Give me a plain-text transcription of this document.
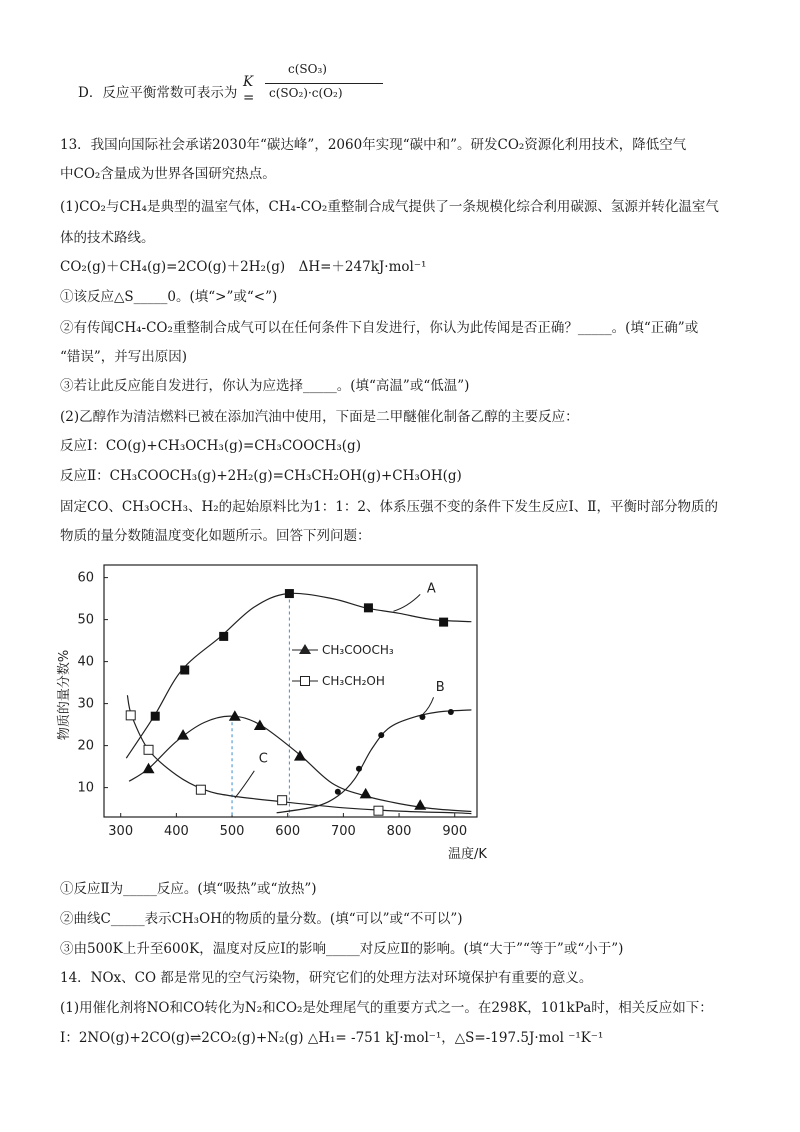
D．反应平衡常数可表示为
K =
c(SO₃)
c(SO₂)·c(O₂)
13．我国向国际社会承诺2030年“碳达峰”，2060年实现“碳中和”。研发CO₂资源化利用技术，降低空气
中CO₂含量成为世界各国研究热点。
(1)CO₂与CH₄是典型的温室气体，CH₄-CO₂重整制合成气提供了一条规模化综合利用碳源、氢源并转化温室气
体的技术路线。
CO₂(g)＋CH₄(g)=2CO(g)＋2H₂(g)　ΔH=＋247kJ·mol⁻¹
①该反应△S_____0。(填“>”或“<”)
②有传闻CH₄-CO₂重整制合成气可以在任何条件下自发进行，你认为此传闻是否正确？_____。(填“正确”或
“错误”，并写出原因)
③若让此反应能自发进行，你认为应选择_____。(填“高温”或“低温”)
(2)乙醇作为清洁燃料已被在添加汽油中使用，下面是二甲醚催化制备乙醇的主要反应：
反应Ⅰ：CO(g)+CH₃OCH₃(g)=CH₃COOCH₃(g)
反应Ⅱ：CH₃COOCH₃(g)+2H₂(g)=CH₃CH₂OH(g)+CH₃OH(g)
固定CO、CH₃OCH₃、H₂的起始原料比为1：1：2、体系压强不变的条件下发生反应Ⅰ、Ⅱ，平衡时部分物质的
物质的量分数随温度变化如题所示。回答下列问题：
300 400 500 600 700 800 900
10
20
30
40
50
60
CH₃COOCH₃
CH₃CH₂OH
A
B
C
物质的量分数%
温度/K
①反应Ⅱ为_____反应。(填“吸热”或“放热”)
②曲线C_____表示CH₃OH的物质的量分数。(填“可以”或“不可以”)
③由500K上升至600K，温度对反应Ⅰ的影响_____对反应Ⅱ的影响。(填“大于”“等于”或“小于”)
14．NOx、CO 都是常见的空气污染物，研究它们的处理方法对环境保护有重要的意义。
(1)用催化剂将NO和CO转化为N₂和CO₂是处理尾气的重要方式之一。在298K，101kPa时，相关反应如下：
Ⅰ：2NO(g)+2CO(g)⇌2CO₂(g)+N₂(g) △H₁= -751 kJ·mol⁻¹，△S=-197.5J·mol ⁻¹K⁻¹
